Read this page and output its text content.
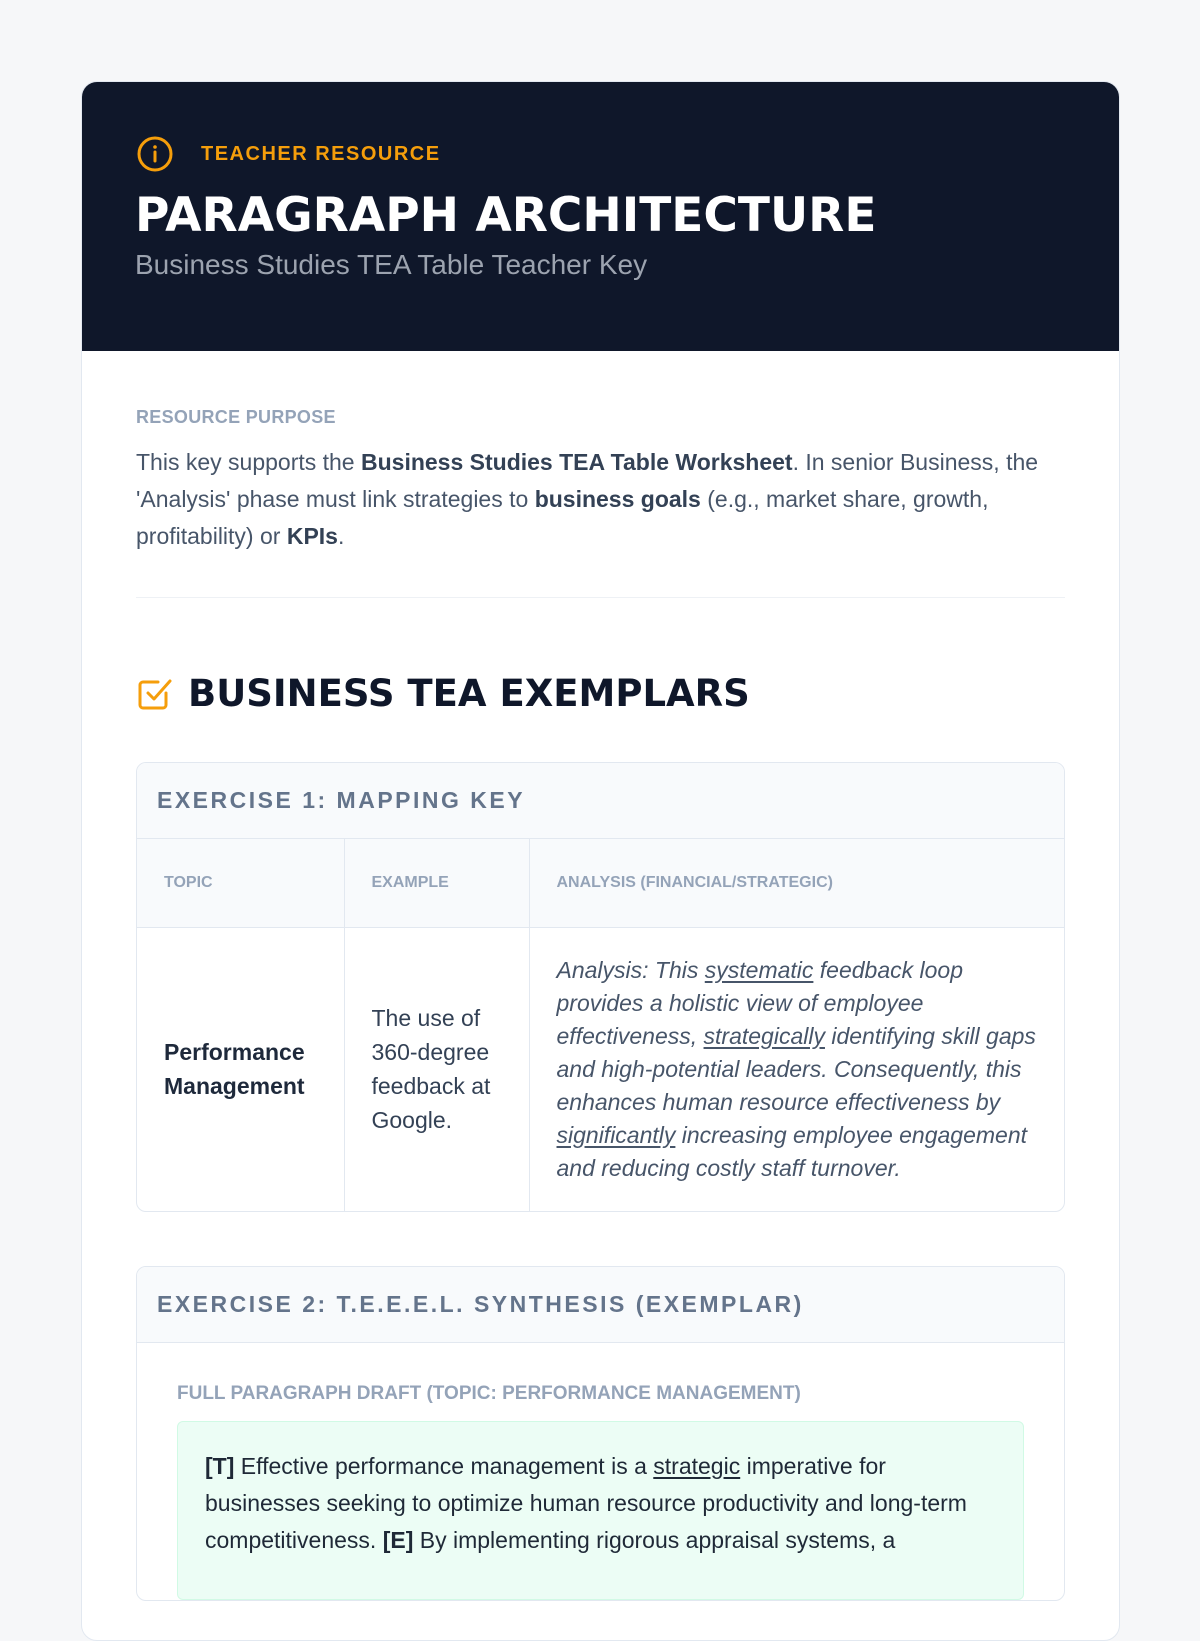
TEACHER RESOURCE
PARAGRAPH ARCHITECTURE
Business Studies TEA Table Teacher Key
RESOURCE PURPOSE

This key supports the Business Studies TEA Table Worksheet. In senior Business, the 'Analysis' phase must link strategies to business goals (e.g., market share, growth, profitability) or KPIs.

BUSINESS TEA EXEMPLARS
EXERCISE 1: MAPPING KEY
TOPIC	EXAMPLE	ANALYSIS (FINANCIAL/STRATEGIC)
Performance Management	The use of 360-degree feedback at Google.	Analysis: This systematic feedback loop provides a holistic view of employee effectiveness, strategically identifying skill gaps and high-potential leaders. Consequently, this enhances human resource effectiveness by significantly increasing employee engagement and reducing costly staff turnover.
EXERCISE 2: T.E.E.E.L. SYNTHESIS (EXEMPLAR)
FULL PARAGRAPH DRAFT (TOPIC: PERFORMANCE MANAGEMENT)
[T] Effective performance management is a strategic imperative for businesses seeking to optimize human resource productivity and long-term competitiveness. [E] By implementing rigorous appraisal systems, a
